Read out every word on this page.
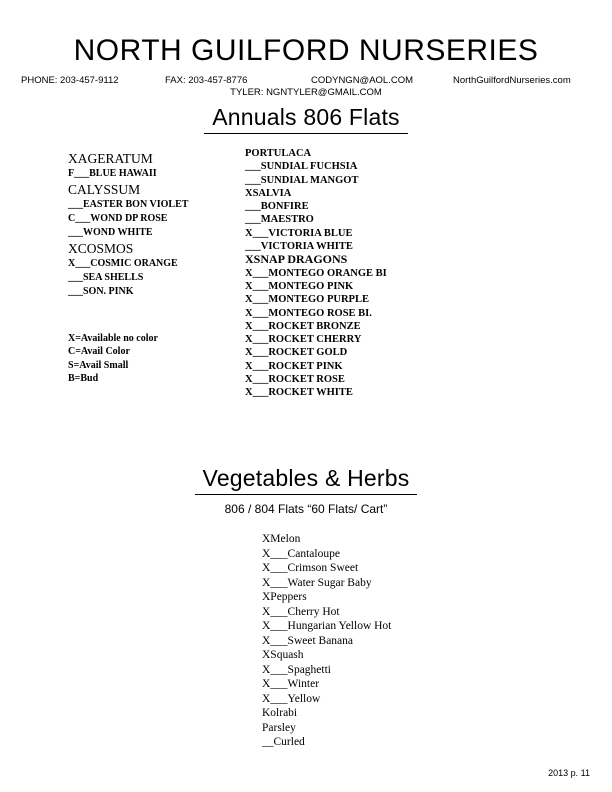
NORTH GUILFORD NURSERIES
PHONE: 203-457-9112	FAX: 203-457-8776	CODYNGN@AOL.COM	NorthGuilfordNurseries.com
TYLER: NGNTYLER@GMAIL.COM
Annuals 806 Flats
XAGERATUM
F___BLUE HAWAII
CALYSSUM
___EASTER BON VIOLET
C___WOND DP ROSE
___WOND WHITE
XCOSMOS
X___COSMIC ORANGE
___SEA SHELLS
___SON. PINK
X=Available no color
C=Avail Color
S=Avail Small
B=Bud
PORTULACA
___SUNDIAL FUCHSIA
___SUNDIAL MANGOT
XSALVIA
___BONFIRE
___MAESTRO
X___VICTORIA BLUE
___VICTORIA WHITE
XSNAP DRAGONS
X___MONTEGO ORANGE BI
X___MONTEGO PINK
X___MONTEGO PURPLE
X___MONTEGO ROSE BI.
X___ROCKET BRONZE
X___ROCKET CHERRY
X___ROCKET GOLD
X___ROCKET PINK
X___ROCKET ROSE
X___ROCKET WHITE
Vegetables & Herbs
806 / 804 Flats “60 Flats/ Cart”
XMelon
X___Cantaloupe
X___Crimson Sweet
X___Water Sugar Baby
XPeppers
X___Cherry Hot
X___Hungarian Yellow Hot
X___Sweet Banana
XSquash
X___Spaghetti
X___Winter
X___Yellow
Kolrabi
Parsley
__Curled
2013 p. 11
